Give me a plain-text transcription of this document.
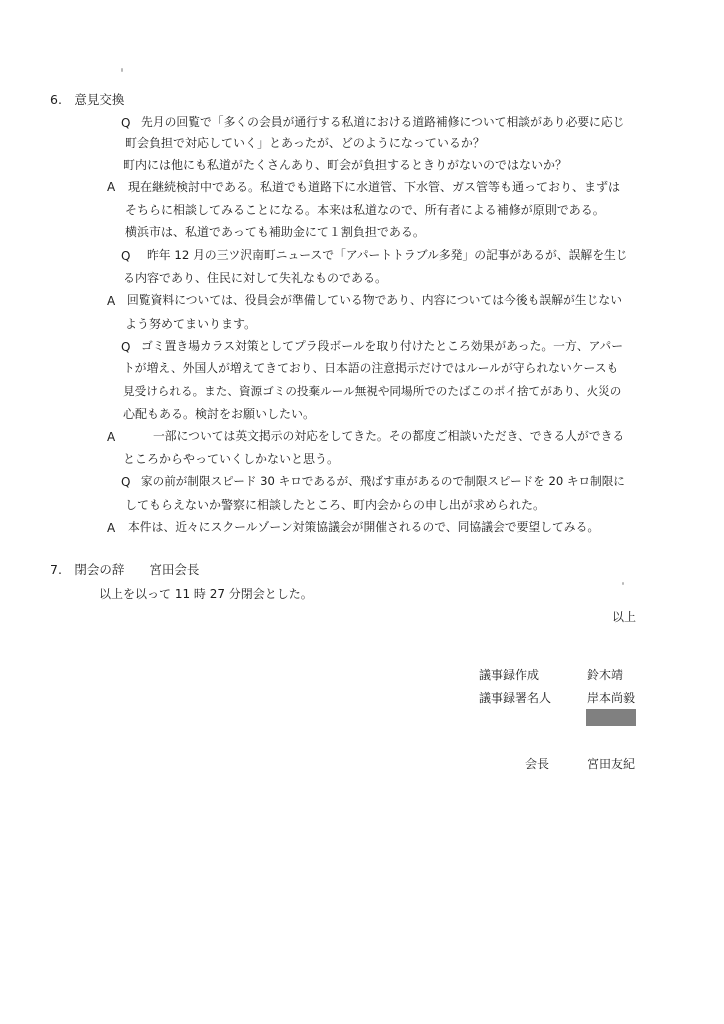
6.　意見交換
Q 先月の回覧で「多くの会員が通行する私道における道路補修について相談があり必要に応じ
町会負担で対応していく」とあったが、どのようになっているか？
町内には他にも私道がたくさんあり、町会が負担するときりがないのではないか？
A 現在継続検討中である。私道でも道路下に水道管、下水管、ガス管等も通っており、まずは
そちらに相談してみることになる。本来は私道なので、所有者による補修が原則である。
横浜市は、私道であっても補助金にて１割負担である。
Q 昨年 12 月の三ツ沢南町ニュースで「アパートトラブル多発」の記事があるが、誤解を生じ
る内容であり、住民に対して失礼なものである。
A 回覧資料については、役員会が準備している物であり、内容については今後も誤解が生じない
よう努めてまいります。
Q ゴミ置き場カラス対策としてプラ段ボールを取り付けたところ効果があった。一方、アパー
トが増え、外国人が増えてきており、日本語の注意掲示だけではルールが守られないケースも
見受けられる。また、資源ゴミの投棄ルール無視や同場所でのたばこのポイ捨てがあり、火災の
心配もある。検討をお願いしたい。
A	一部については英文掲示の対応をしてきた。その都度ご相談いただき、できる人ができる
ところからやっていくしかないと思う。
Q 家の前が制限スピード 30 キロであるが、飛ばす車があるので制限スピードを 20 キロ制限に
してもらえないか警察に相談したところ、町内会からの申し出が求められた。
A 本件は、近々にスクールゾーン対策協議会が開催されるので、同協議会で要望してみる。
7.　閉会の辞　　宮田会長
以上を以って 11 時 27 分閉会とした。
以上
議事録作成	鈴木靖
議事録署名人	岸本尚毅
会長	宮田友紀
